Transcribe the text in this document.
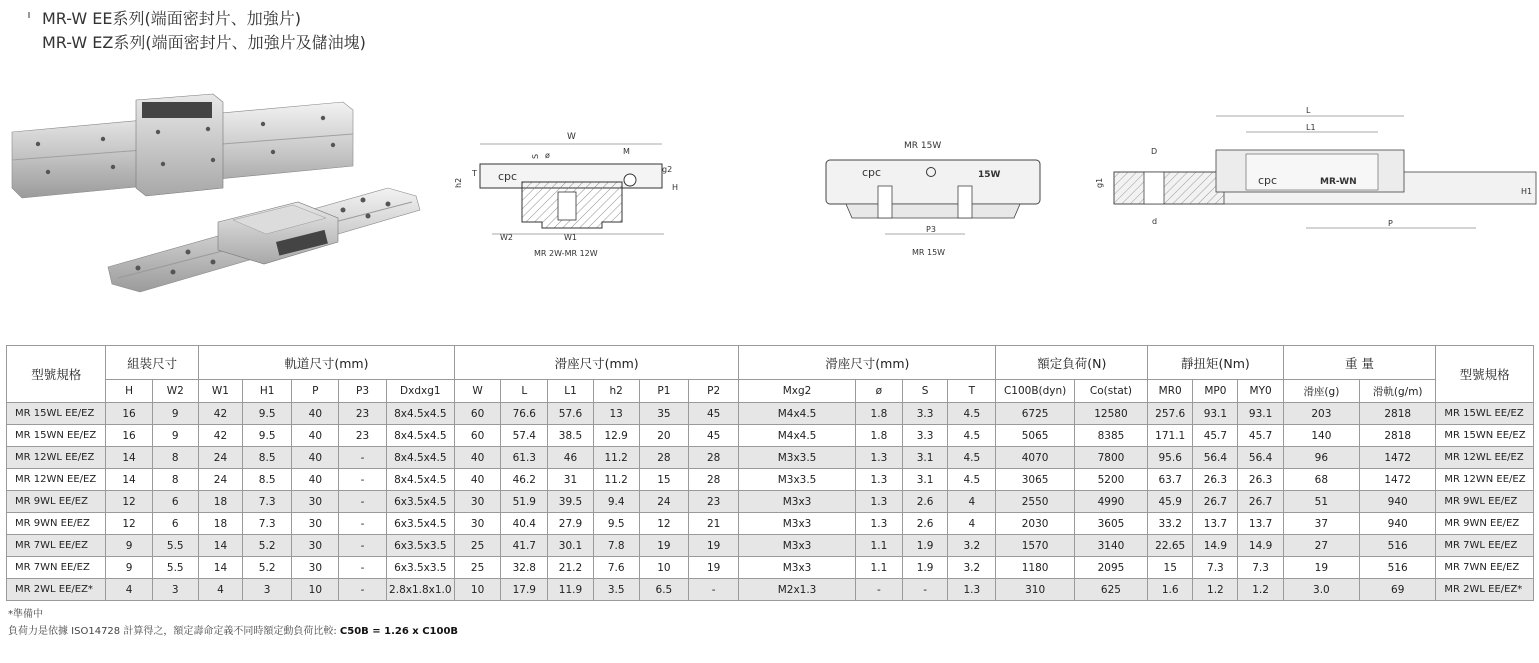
MR-W EE系列(端面密封片、加強片)
MR-W EZ系列(端面密封片、加強片及儲油塊)
W
S ø	M
T
h2
g2
H
cpc
W2	W1
MR 2W-MR 12W
MR 15W
cpc	15W
P3
MR 15W
L
L1
D
g1	cpc	MR-WN
d
H1
P
型號規格	組裝尺寸		軌道尺寸(mm)					滑座尺寸(mm)						滑座尺寸(mm)				額定負荷(N)		靜扭矩(Nm)			重 量		型號規格
	H	W2	W1	H1	P	P3	Dxdxg1	W	L	L1	h2	P1	P2	Mxg2	ø	S	T	C100B(dyn)	Co(stat)	MR0	MP0	MY0	滑座(g)	滑軌(g/m)	
MR 15WL EE/EZ	16	9	42	9.5	40	23	8x4.5x4.5	60	76.6	57.6	13	35	45	M4x4.5	1.8	3.3	4.5	6725	12580	257.6	93.1	93.1	203	2818	MR 15WL EE/EZ
MR 15WN EE/EZ	16	9	42	9.5	40	23	8x4.5x4.5	60	57.4	38.5	12.9	20	45	M4x4.5	1.8	3.3	4.5	5065	8385	171.1	45.7	45.7	140	2818	MR 15WN EE/EZ
MR 12WL EE/EZ	14	8	24	8.5	40	-	8x4.5x4.5	40	61.3	46	11.2	28	28	M3x3.5	1.3	3.1	4.5	4070	7800	95.6	56.4	56.4	96	1472	MR 12WL EE/EZ
MR 12WN EE/EZ	14	8	24	8.5	40	-	8x4.5x4.5	40	46.2	31	11.2	15	28	M3x3.5	1.3	3.1	4.5	3065	5200	63.7	26.3	26.3	68	1472	MR 12WN EE/EZ
MR 9WL EE/EZ	12	6	18	7.3	30	-	6x3.5x4.5	30	51.9	39.5	9.4	24	23	M3x3	1.3	2.6	4	2550	4990	45.9	26.7	26.7	51	940	MR 9WL EE/EZ
MR 9WN EE/EZ	12	6	18	7.3	30	-	6x3.5x4.5	30	40.4	27.9	9.5	12	21	M3x3	1.3	2.6	4	2030	3605	33.2	13.7	13.7	37	940	MR 9WN EE/EZ
MR 7WL EE/EZ	9	5.5	14	5.2	30	-	6x3.5x3.5	25	41.7	30.1	7.8	19	19	M3x3	1.1	1.9	3.2	1570	3140	22.65	14.9	14.9	27	516	MR 7WL EE/EZ
MR 7WN EE/EZ	9	5.5	14	5.2	30	-	6x3.5x3.5	25	32.8	21.2	7.6	10	19	M3x3	1.1	1.9	3.2	1180	2095	15	7.3	7.3	19	516	MR 7WN EE/EZ
MR 2WL EE/EZ*	4	3	4	3	10	-	2.8x1.8x1.0	10	17.9	11.9	3.5	6.5	-	M2x1.3	-	-	1.3	310	625	1.6	1.2	1.2	3.0	69	MR 2WL EE/EZ*
*準備中
負荷力是依據 ISO14728 計算得之，額定壽命定義不同時額定動負荷比較: C50B = 1.26 x C100B
